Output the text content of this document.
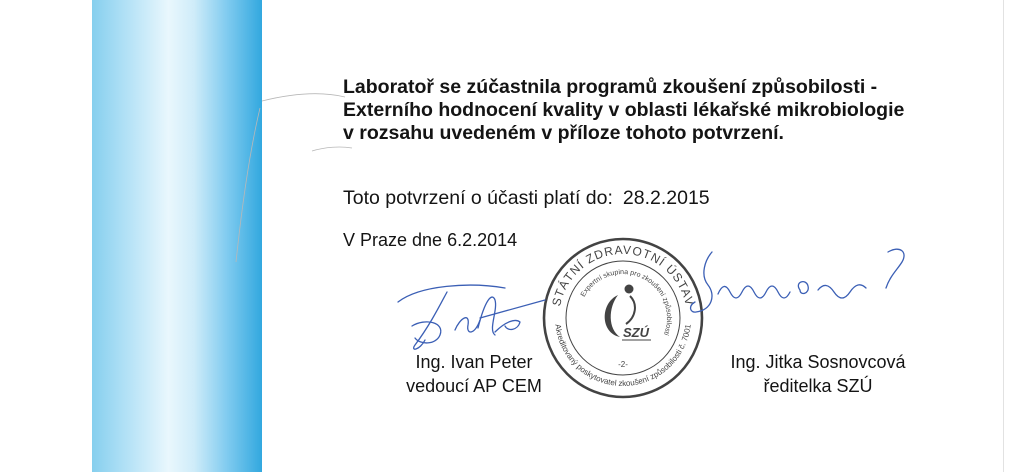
Laboratoř se zúčastnila programů zkoušení způsobilosti -
Externího hodnocení kvality v oblasti lékařské mikrobiologie
v rozsahu uvedeném v příloze tohoto potvrzení.
Toto potvrzení o účasti platí do: 28.2.2015
V Praze dne 6.2.2014
Ing. Ivan Peter
vedoucí AP CEM
Ing. Jitka Sosnovcová
ředitelka SZÚ
STÁTNÍ ZDRAVOTNÍ ÚSTAV
Expertní skupina pro zkoušení způsobilosti
Akreditovaný poskytovatel zkoušení způsobilosti č. 7001
SZÚ
-2-
